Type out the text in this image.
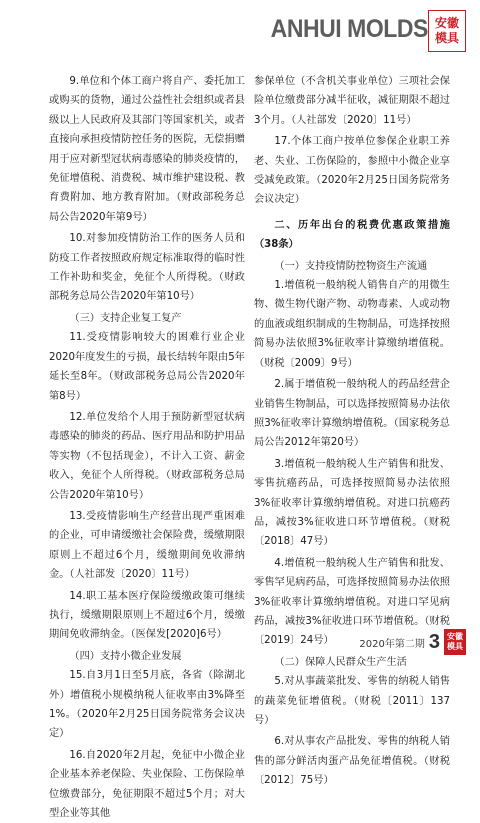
ANHUI MOLDS 安徽
模具

9.单位和个体工商户将自产、委托加工或购买的货物，通过公益性社会组织或者县级以上人民政府及其部门等国家机关，或者直接向承担疫情防控任务的医院，无偿捐赠用于应对新型冠状病毒感染的肺炎疫情的，免征增值税、消费税、城市维护建设税、教育费附加、地方教育附加。（财政部税务总局公告2020年第9号）

10.对参加疫情防治工作的医务人员和防疫工作者按照政府规定标准取得的临时性工作补助和奖金，免征个人所得税。（财政部税务总局公告2020年第10号）

（三）支持企业复工复产

11.受疫情影响较大的困难行业企业2020年度发生的亏损，最长结转年限由5年延长至8年。（财政部税务总局公告2020年第8号）

12.单位发给个人用于预防新型冠状病毒感染的肺炎的药品、医疗用品和防护用品等实物（不包括现金），不计入工资、薪金收入，免征个人所得税。（财政部税务总局公告2020年第10号）

13.受疫情影响生产经营出现严重困难的企业，可申请缓缴社会保险费，缓缴期限原则上不超过6个月，缓缴期间免收滞纳金。（人社部发〔2020〕11号）

14.职工基本医疗保险缓缴政策可继续执行，缓缴期限原则上不超过6个月，缓缴期间免收滞纳金。（医保发[2020]6号）

（四）支持小微企业发展

15.自3月1日至5月底，各省（除湖北外）增值税小规模纳税人征收率由3%降至1%。（2020年2月25日国务院常务会议决定）

16.自2020年2月起，免征中小微企业企业基本养老保险、失业保险、工伤保险单位缴费部分，免征期限不超过5个月；对大型企业等其他

参保单位（不含机关事业单位）三项社会保险单位缴费部分减半征收，减征期限不超过3个月。（人社部发〔2020〕11号）

17.个体工商户按单位参保企业职工养老、失业、工伤保险的，参照中小微企业享受减免政策。（2020年2月25日国务院常务会议决定）

二、历年出台的税费优惠政策措施（38条）

（一）支持疫情防控物资生产流通

1.增值税一般纳税人销售自产的用微生物、微生物代谢产物、动物毒素、人或动物的血液或组织制成的生物制品，可选择按照简易办法依照3%征收率计算缴纳增值税。（财税〔2009〕9号）

2.属于增值税一般纳税人的药品经营企业销售生物制品，可以选择按照简易办法依照3%征收率计算缴纳增值税。（国家税务总局公告2012年第20号）

3.增值税一般纳税人生产销售和批发、零售抗癌药品，可选择按照简易办法依照3%征收率计算缴纳增值税。对进口抗癌药品，减按3%征收进口环节增值税。（财税〔2018〕47号）

4.增值税一般纳税人生产销售和批发、零售罕见病药品，可选择按照简易办法依照3%征收率计算缴纳增值税。对进口罕见病药品，减按3%征收进口环节增值税。（财税〔2019〕24号）

（二）保障人民群众生产生活

5.对从事蔬菜批发、零售的纳税人销售的蔬菜免征增值税。（财税〔2011〕137号）

6.对从事农产品批发、零售的纳税人销售的部分鲜活肉蛋产品免征增值税。（财税〔2012〕75号）

2020年第二期 3 安徽
模具
